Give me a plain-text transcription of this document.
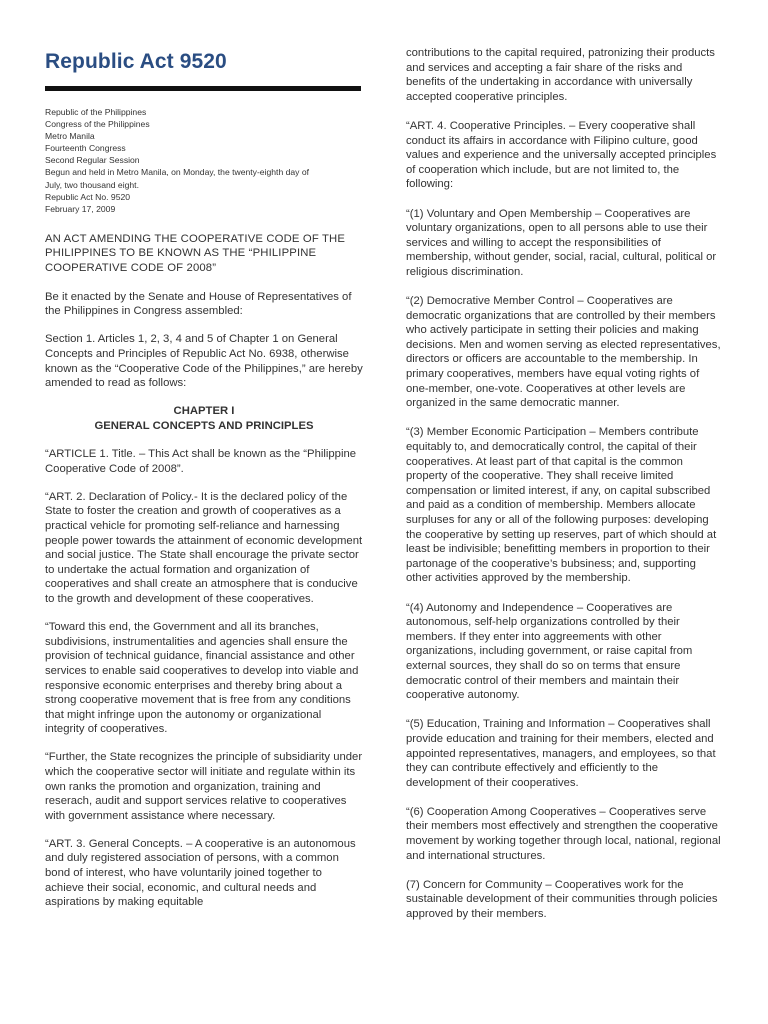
Republic Act 9520
Republic of the Philippines
Congress of the Philippines
Metro Manila
Fourteenth Congress
Second Regular Session
Begun and held in Metro Manila, on Monday, the twenty-eighth day of
July, two thousand eight.
Republic Act No. 9520
February 17, 2009
AN ACT AMENDING THE COOPERATIVE CODE OF THE PHILIPPINES TO BE KNOWN AS THE “PHILIPPINE COOPERATIVE CODE OF 2008”

Be it enacted by the Senate and House of Representatives of the Philippines in Congress assembled:

Section 1. Articles 1, 2, 3, 4 and 5 of Chapter 1 on General Concepts and Principles of Republic Act No. 6938, otherwise known as the “Cooperative Code of the Philippines,” are hereby amended to read as follows:

CHAPTER I
GENERAL CONCEPTS AND PRINCIPLES

“ARTICLE 1. Title. – This Act shall be known as the “Philippine Cooperative Code of 2008”.

“ART. 2. Declaration of Policy.- It is the declared policy of the State to foster the creation and growth of cooperatives as a practical vehicle for promoting self-reliance and harnessing people power towards the attainment of economic development and social justice. The State shall encourage the private sector to undertake the actual formation and organization of cooperatives and shall create an atmosphere that is conducive to the growth and development of these cooperatives.

“Toward this end, the Government and all its branches, subdivisions, instrumentalities and agencies shall ensure the provision of technical guidance, financial assistance and other services to enable said cooperatives to develop into viable and responsive economic enterprises and thereby bring about a strong cooperative movement that is free from any conditions that might infringe upon the autonomy or organizational integrity of cooperatives.

“Further, the State recognizes the principle of subsidiarity under which the cooperative sector will initiate and regulate within its own ranks the promotion and organization, training and reserach, audit and support services relative to cooperatives with government assistance where necessary.

“ART. 3. General Concepts. – A cooperative is an autonomous and duly registered association of persons, with a common bond of interest, who have voluntarily joined together to achieve their social, economic, and cultural needs and aspirations by making equitable

contributions to the capital required, patronizing their products and services and accepting a fair share of the risks and benefits of the undertaking in accordance with universally accepted cooperative principles.

“ART. 4. Cooperative Principles. – Every cooperative shall conduct its affairs in accordance with Filipino culture, good values and experience and the universally accepted principles of cooperation which include, but are not limited to, the following:

“(1) Voluntary and Open Membership – Cooperatives are voluntary organizations, open to all persons able to use their services and willing to accept the responsibilities of membership, without gender, social, racial, cultural, political or religious discrimination.

“(2) Democrative Member Control – Cooperatives are democratic organizations that are controlled by their members who actively participate in setting their policies and making decisions. Men and women serving as elected representatives, directors or officers are accountable to the membership. In primary cooperatives, members have equal voting rights of one-member, one-vote. Cooperatives at other levels are organized in the same democratic manner.

“(3) Member Economic Participation – Members contribute equitably to, and democratically control, the capital of their cooperatives. At least part of that capital is the common property of the cooperative. They shall receive limited compensation or limited interest, if any, on capital subscribed and paid as a condition of membership. Members allocate surpluses for any or all of the following purposes: developing the cooperative by setting up reserves, part of which should at least be indivisible; benefitting members in proportion to their partonage of the cooperative’s bubsiness; and, supporting other activities approved by the membership.

“(4) Autonomy and Independence – Cooperatives are autonomous, self-help organizations controlled by their members. If they enter into aggreements with other organizations, including government, or raise capital from external sources, they shall do so on terms that ensure democratic control of their members and maintain their cooperative autonomy.

“(5) Education, Training and Information – Cooperatives shall provide education and training for their members, elected and appointed representatives, managers, and employees, so that they can contribute effectively and efficiently to the development of their cooperatives.

“(6) Cooperation Among Cooperatives – Cooperatives serve their members most effectively and strengthen the cooperative movement by working together through local, national, regional and international structures.

(7) Concern for Community – Cooperatives work for the sustainable development of their communities through policies approved by their members.
